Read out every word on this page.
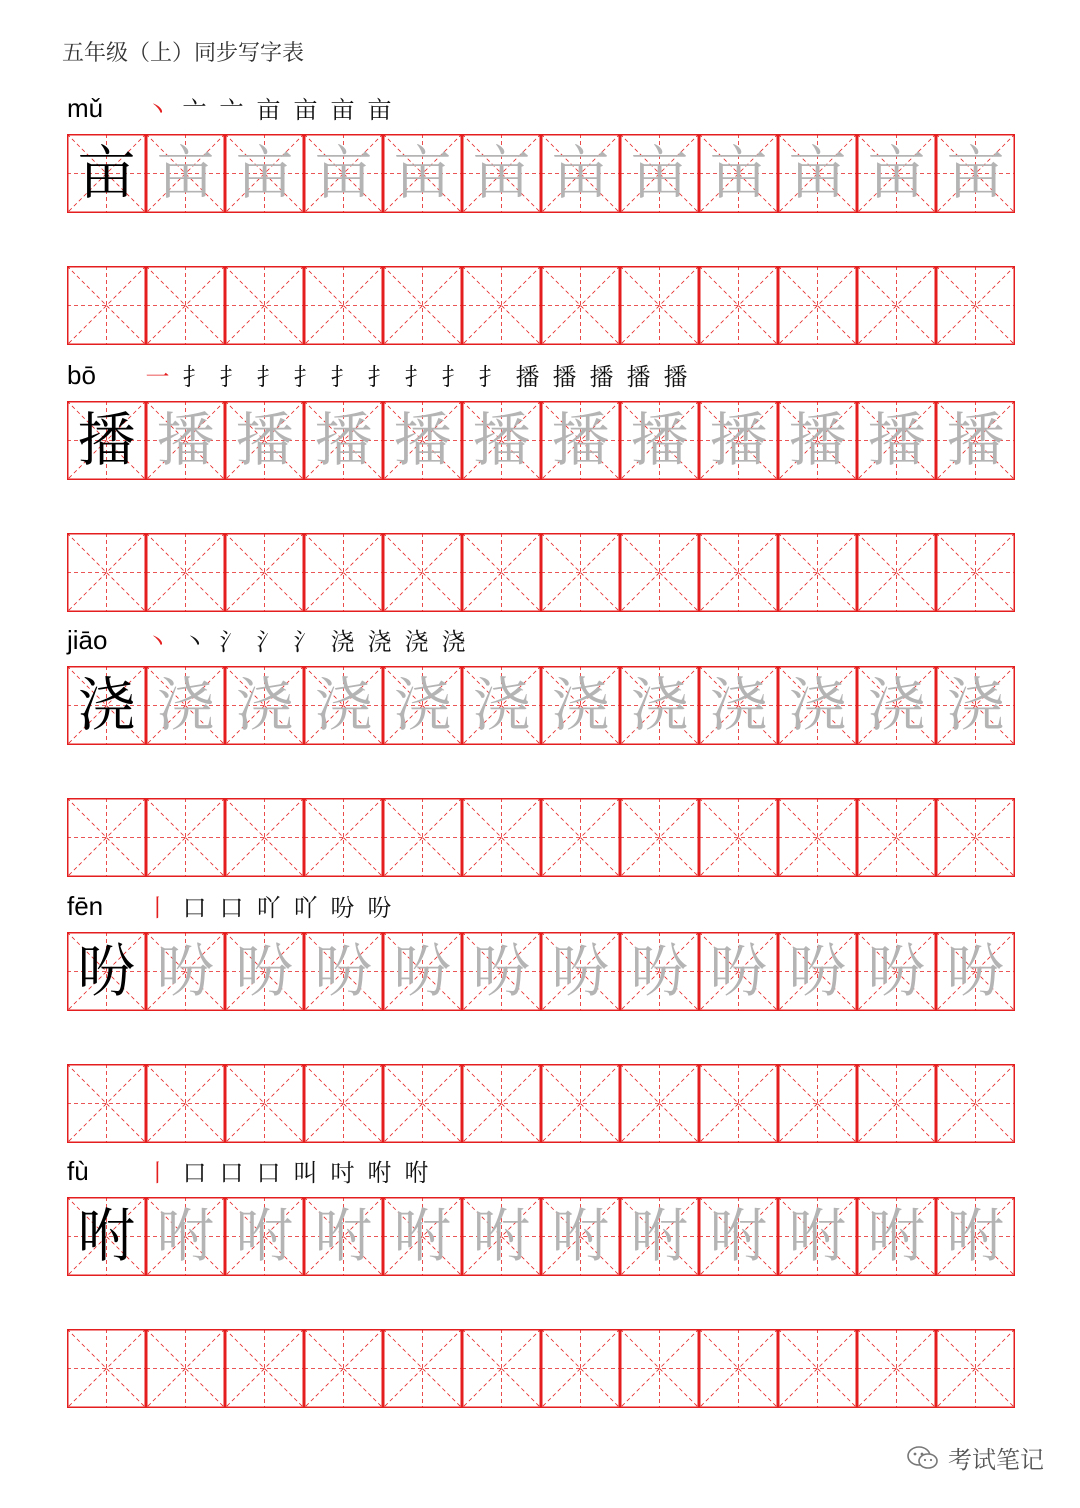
五年级（上）同步写字表
mǔ 丶 亠 亠 亩 亩 亩 亩
亩 亩 亩 亩 亩 亩 亩 亩 亩 亩 亩 亩
bō 一 扌 扌 扌 扌 扌 扌 扌 扌 扌 播 播 播 播 播
播 播 播 播 播 播 播 播 播 播 播 播
jiāo 丶 丶 氵 氵 氵 浇 浇 浇 浇
浇 浇 浇 浇 浇 浇 浇 浇 浇 浇 浇 浇
fēn 丨 口 口 吖 吖 吩 吩
吩 吩 吩 吩 吩 吩 吩 吩 吩 吩 吩 吩
fù 丨 口 口 口 叫 吋 咐 咐
咐 咐 咐 咐 咐 咐 咐 咐 咐 咐 咐 咐
考试笔记
